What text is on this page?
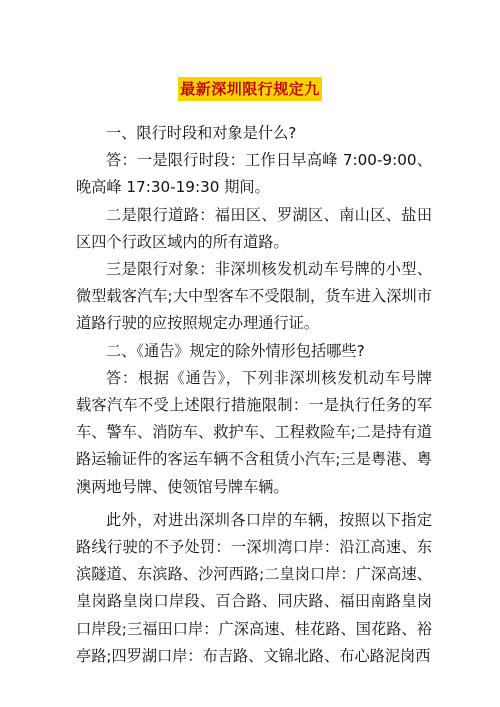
最新深圳限行规定九

一、限行时段和对象是什么?

答：一是限行时段：工作日早高峰 7:00-9:00、晚高峰 17:30-19:30 期间。

二是限行道路：福田区、罗湖区、南山区、盐田区四个行政区域内的所有道路。

三是限行对象：非深圳核发机动车号牌的小型、微型载客汽车;大中型客车不受限制，货车进入深圳市道路行驶的应按照规定办理通行证。

二、《通告》规定的除外情形包括哪些?

答：根据《通告》，下列非深圳核发机动车号牌载客汽车不受上述限行措施限制：一是执行任务的军车、警车、消防车、救护车、工程救险车;二是持有道路运输证件的客运车辆不含租赁小汽车;三是粤港、粤澳两地号牌、使领馆号牌车辆。

此外，对进出深圳各口岸的车辆，按照以下指定路线行驶的不予处罚：一深圳湾口岸：沿江高速、东滨隧道、东滨路、沙河西路;二皇岗口岸：广深高速、皇岗路皇岗口岸段、百合路、同庆路、福田南路皇岗口岸段;三福田口岸：广深高速、桂花路、国花路、裕亭路;四罗湖口岸：布吉路、文锦北路、布心路泥岗西
